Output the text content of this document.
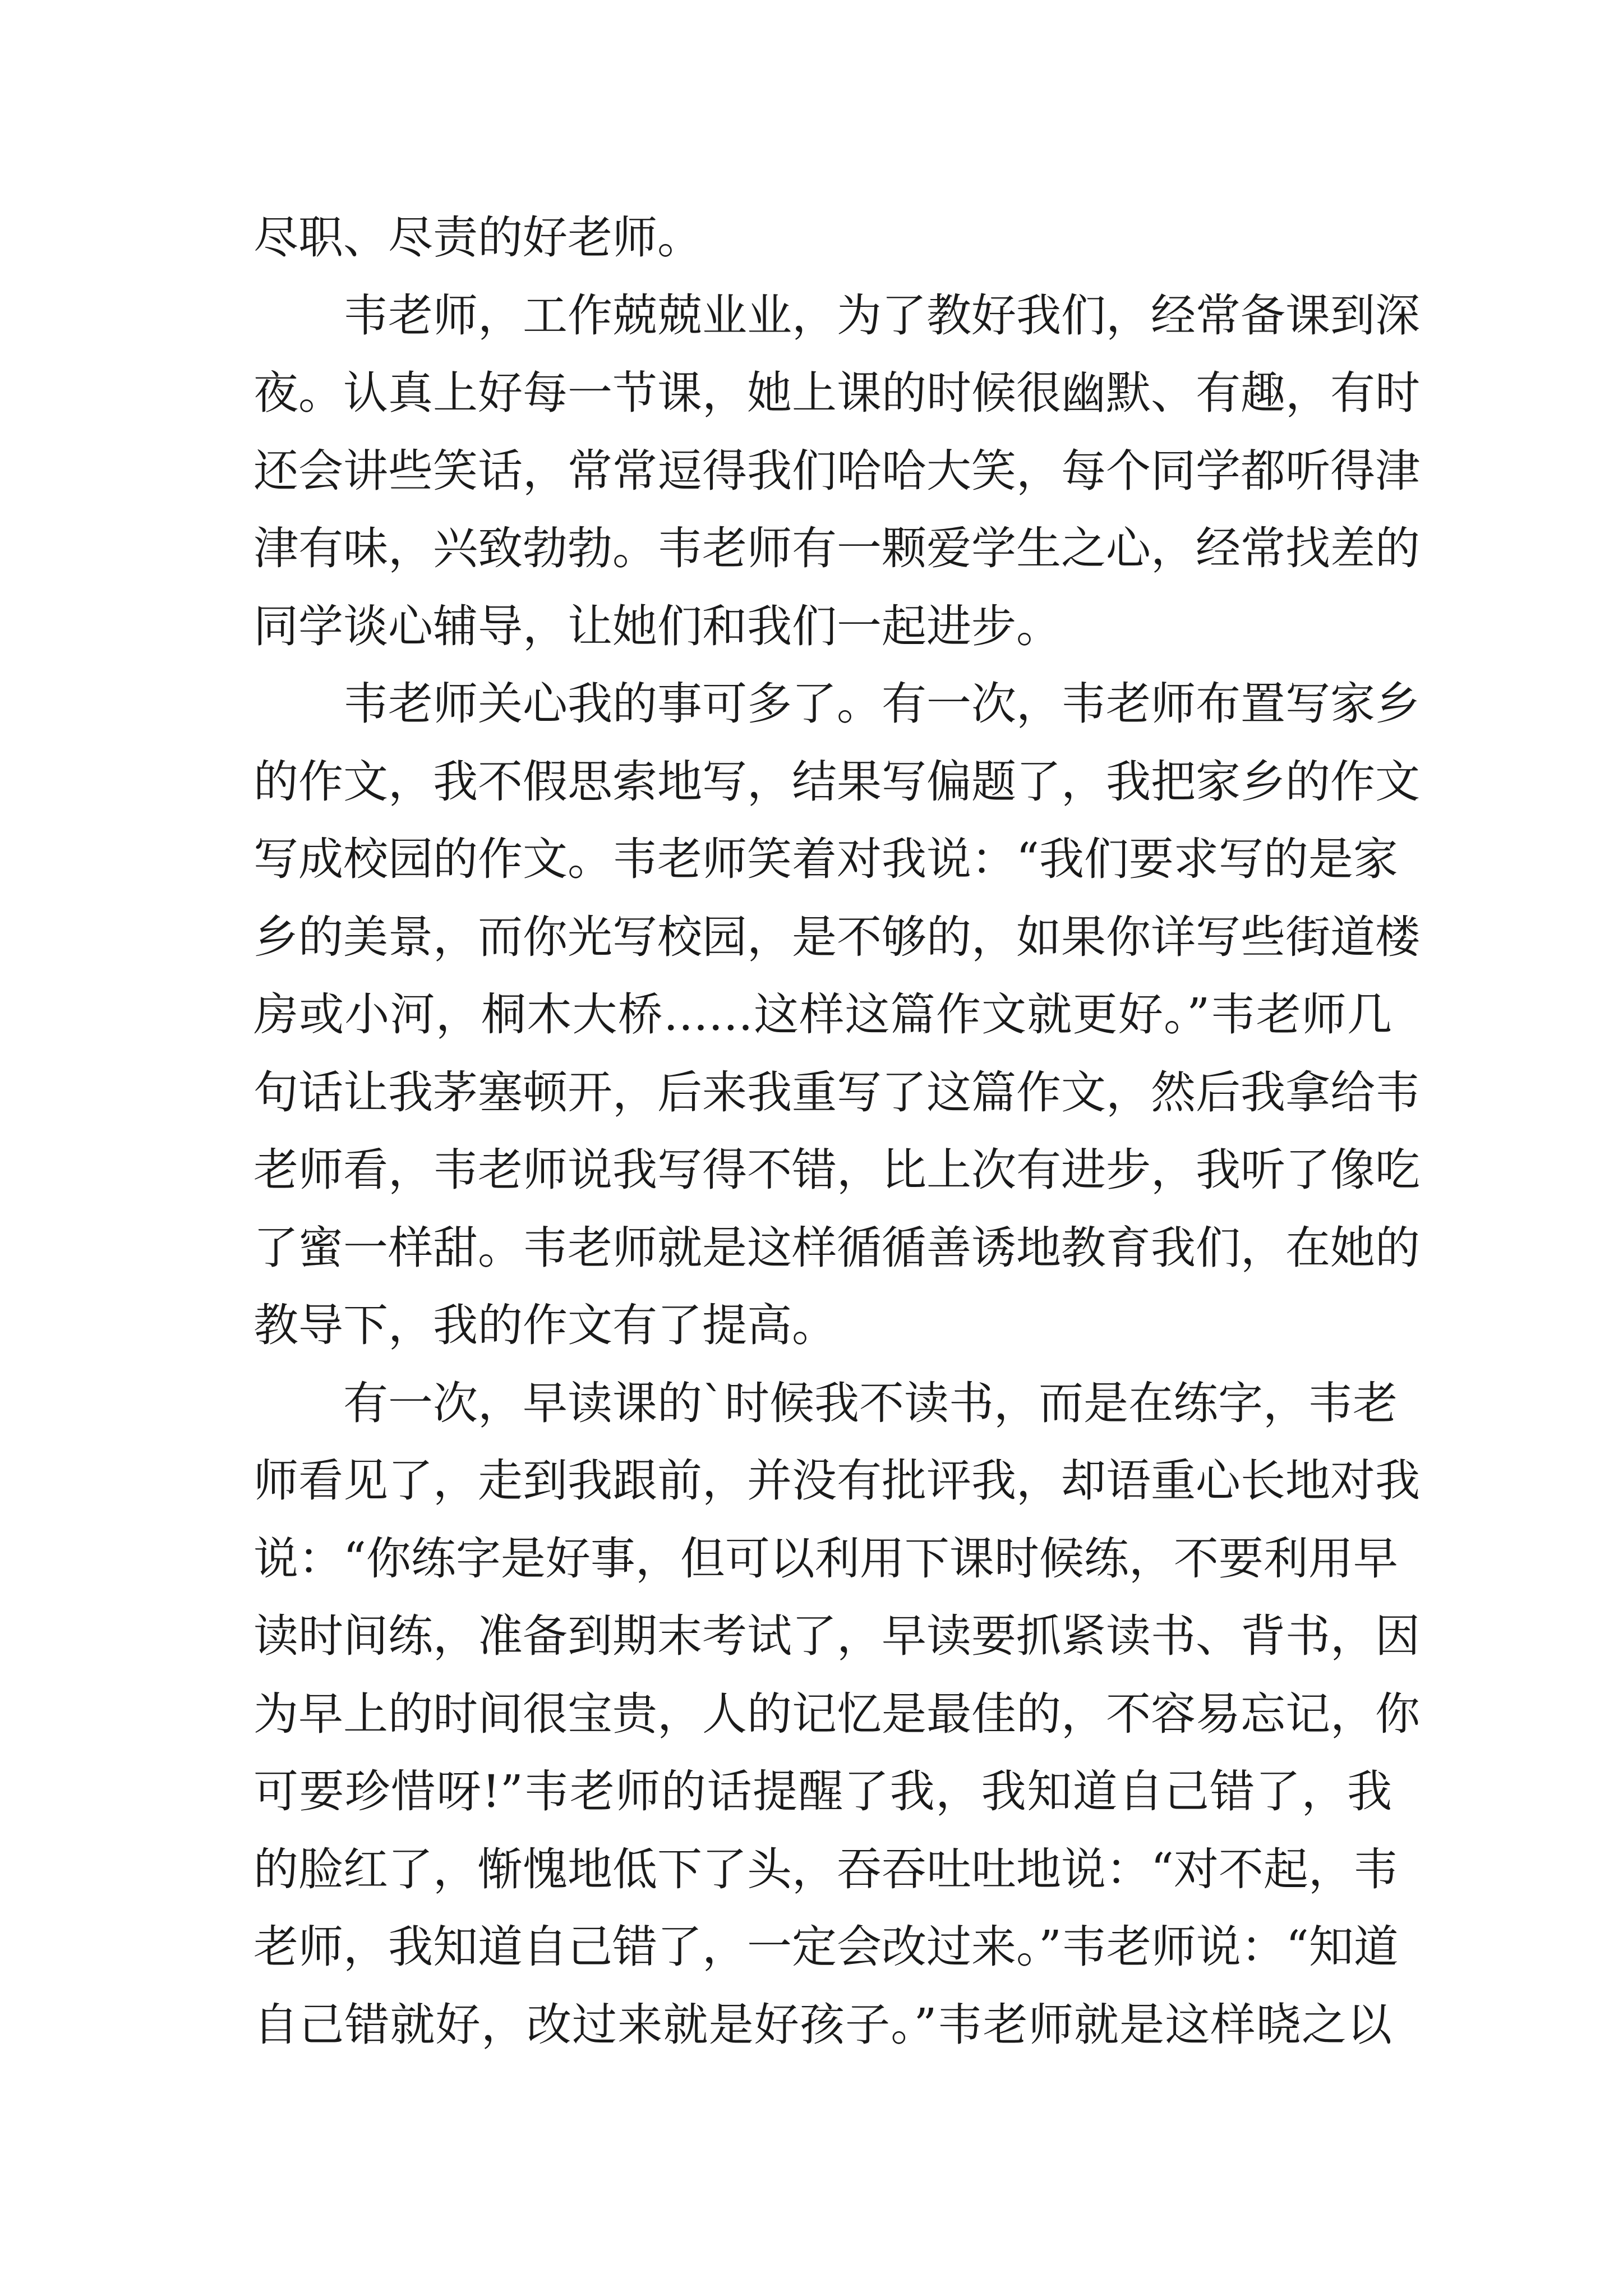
尽职、尽责的好老师。
韦老师，工作兢兢业业，为了教好我们，经常备课到深
夜。认真上好每一节课，她上课的时候很幽默、有趣，有时
还会讲些笑话，常常逗得我们哈哈大笑，每个同学都听得津
津有味，兴致勃勃。韦老师有一颗爱学生之心，经常找差的
同学谈心辅导，让她们和我们一起进步。
韦老师关心我的事可多了。有一次，韦老师布置写家乡
的作文，我不假思索地写，结果写偏题了，我把家乡的作文
写成校园的作文。韦老师笑着对我说：“我们要求写的是家
乡的美景，而你光写校园，是不够的，如果你详写些街道楼
房或小河，桐木大桥……这样这篇作文就更好。”韦老师几
句话让我茅塞顿开，后来我重写了这篇作文，然后我拿给韦
老师看，韦老师说我写得不错，比上次有进步，我听了像吃
了蜜一样甜。韦老师就是这样循循善诱地教育我们，在她的
教导下，我的作文有了提高。
有一次，早读课的`时候我不读书，而是在练字，韦老
师看见了，走到我跟前，并没有批评我，却语重心长地对我
说：“你练字是好事，但可以利用下课时候练，不要利用早
读时间练，准备到期末考试了，早读要抓紧读书、背书，因
为早上的时间很宝贵，人的记忆是最佳的，不容易忘记，你
可要珍惜呀!”韦老师的话提醒了我，我知道自己错了，我
的脸红了，惭愧地低下了头，吞吞吐吐地说：“对不起，韦
老师，我知道自己错了，一定会改过来。”韦老师说：“知道
自己错就好，改过来就是好孩子。”韦老师就是这样晓之以
